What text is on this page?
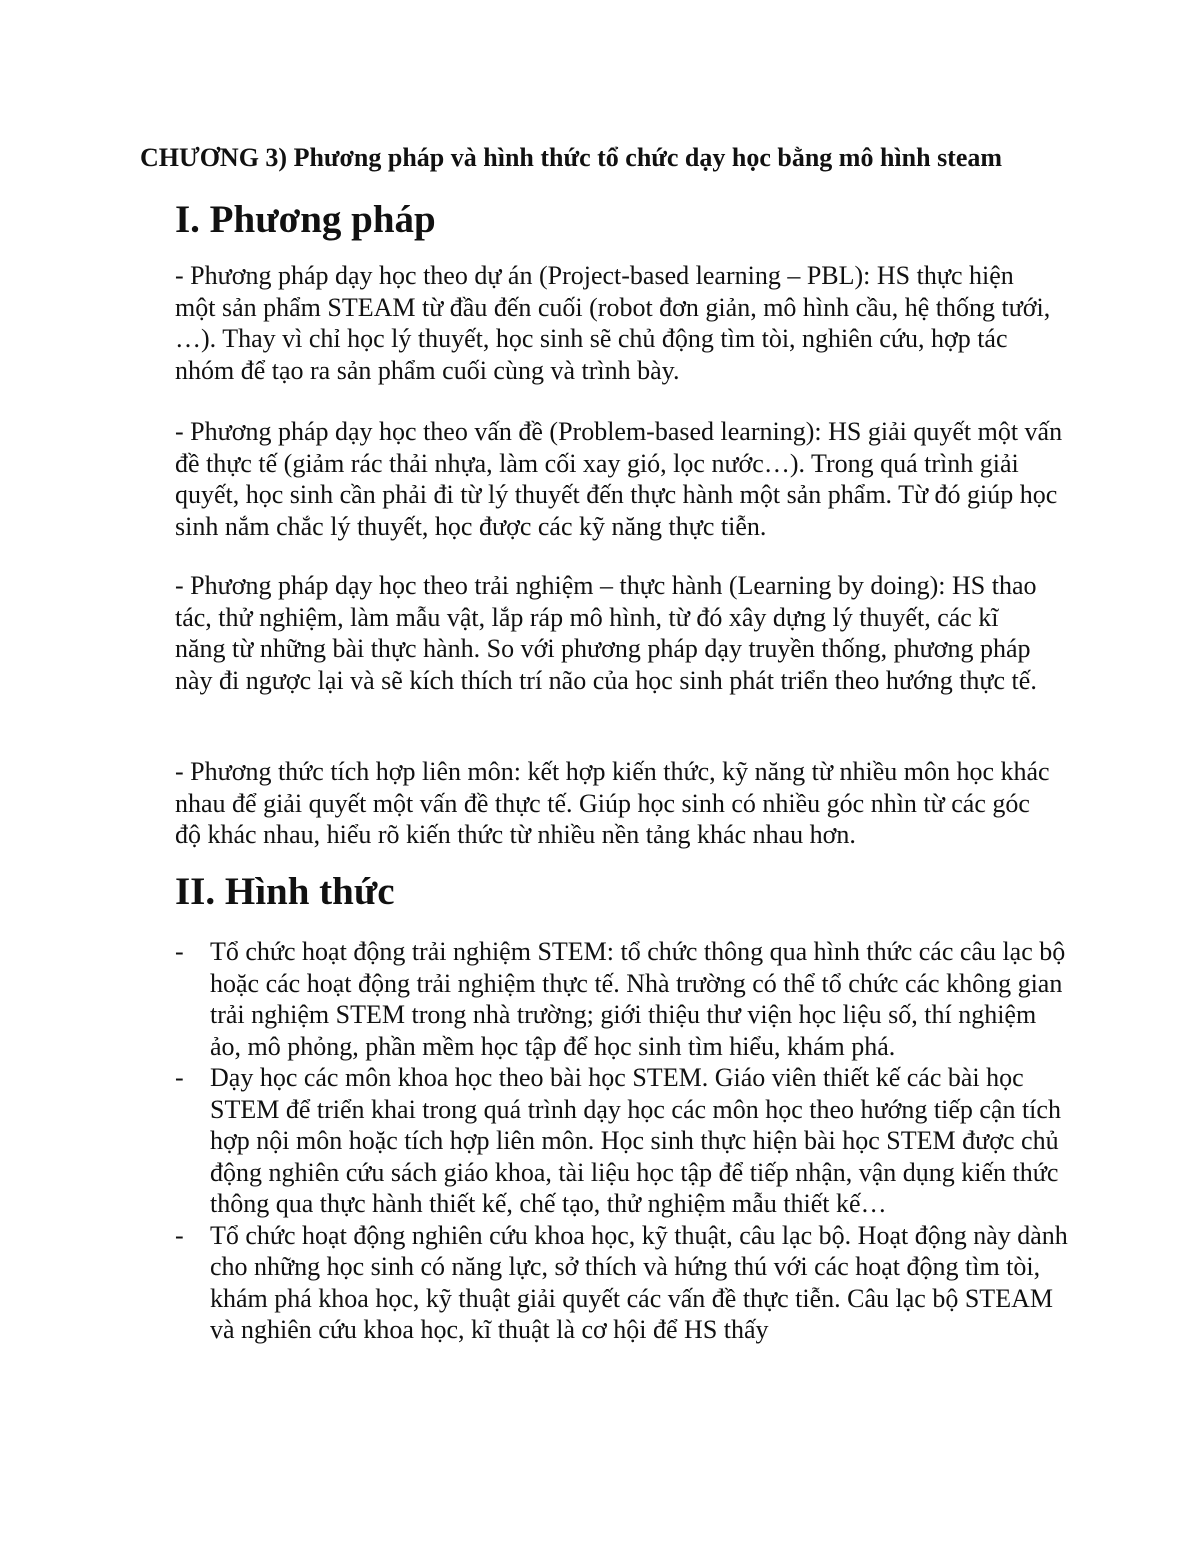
CHƯƠNG 3) Phương pháp và hình thức tổ chức dạy học bằng mô hình steam
I. Phương pháp

- Phương pháp dạy học theo dự án (Project-based learning – PBL): HS thực hiện một sản phẩm STEAM từ đầu đến cuối (robot đơn giản, mô hình cầu, hệ thống tưới, …). Thay vì chỉ học lý thuyết, học sinh sẽ chủ động tìm tòi, nghiên cứu, hợp tác nhóm để tạo ra sản phẩm cuối cùng và trình bày.

- Phương pháp dạy học theo vấn đề (Problem-based learning): HS giải quyết một vấn đề thực tế (giảm rác thải nhựa, làm cối xay gió, lọc nước…). Trong quá trình giải quyết, học sinh cần phải đi từ lý thuyết đến thực hành một sản phẩm. Từ đó giúp học sinh nắm chắc lý thuyết, học được các kỹ năng thực tiễn.

- Phương pháp dạy học theo trải nghiệm – thực hành (Learning by doing): HS thao tác, thử nghiệm, làm mẫu vật, lắp ráp mô hình, từ đó xây dựng lý thuyết, các kĩ năng từ những bài thực hành. So với phương pháp dạy truyền thống, phương pháp này đi ngược lại và sẽ kích thích trí não của học sinh phát triển theo hướng thực tế.

- Phương thức tích hợp liên môn: kết hợp kiến thức, kỹ năng từ nhiều môn học khác nhau để giải quyết một vấn đề thực tế. Giúp học sinh có nhiều góc nhìn từ các góc độ khác nhau, hiểu rõ kiến thức từ nhiều nền tảng khác nhau hơn.

II. Hình thức
- Tổ chức hoạt động trải nghiệm STEM: tổ chức thông qua hình thức các câu lạc bộ hoặc các hoạt động trải nghiệm thực tế. Nhà trường có thể tổ chức các không gian trải nghiệm STEM trong nhà trường; giới thiệu thư viện học liệu số, thí nghiệm ảo, mô phỏng, phần mềm học tập để học sinh tìm hiểu, khám phá.
- Dạy học các môn khoa học theo bài học STEM. Giáo viên thiết kế các bài học STEM để triển khai trong quá trình dạy học các môn học theo hướng tiếp cận tích hợp nội môn hoặc tích hợp liên môn. Học sinh thực hiện bài học STEM được chủ động nghiên cứu sách giáo khoa, tài liệu học tập để tiếp nhận, vận dụng kiến thức thông qua thực hành thiết kế, chế tạo, thử nghiệm mẫu thiết kế…
- Tổ chức hoạt động nghiên cứu khoa học, kỹ thuật, câu lạc bộ. Hoạt động này dành cho những học sinh có năng lực, sở thích và hứng thú với các hoạt động tìm tòi, khám phá khoa học, kỹ thuật giải quyết các vấn đề thực tiễn. Câu lạc bộ STEAM và nghiên cứu khoa học, kĩ thuật là cơ hội để HS thấy
